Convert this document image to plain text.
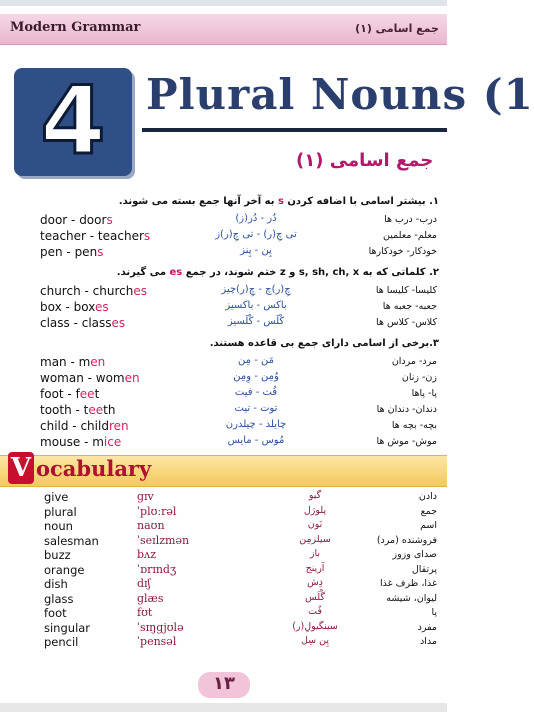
Modern Grammar	جمع اسامی (۱)
4 Plural Nouns (1
جمع اسامی (۱)
۱. بیشتر اسامی با اضافه کردن s به آخر آنها جمع بسته می شوند.
door - doors	دُر - دُر(ز)	درب- درب ها
teacher - teachers	تی چِ(ر) - تی چِ(ر)ز	معلم- معلمین
pen - pens	پِن - پِنز	خودکار- خودکارها
۲. کلماتی که به s, sh, ch, x و z ختم شوند، در جمع es می گیرند.
church - churches	چِ(ر)چ - چِ(ر)چیز	کلیسا- کلیسا ها
box - boxes	باکس - باکسیز	جعبه- جعبه ها
class - classes	کْلَس - کْلَسیز	کلاس- کلاس ها
۳.برخی از اسامی دارای جمع بی قاعده هستند.
man - men	مَن - مِن	مرد- مردان
woman - women	وُمِن - وِمِن	زن- زنان
foot - feet	فُت - فیت	پا- پاها
tooth - teeth	توت - تیت	دندان- دندان ها
child - children	چایلد - چیلدرن	بچه- بچه ها
mouse - mice	مُوس - مایس	موش- موش ها
V ocabulary
give	gɪv	گیو	دادن
plural	ˈplʊːrəl	پلورَل	جمع
noun	naʊn	نَون	اسم
salesman	ˈseɪlzmən	سیلزمِن	فروشنده (مرد)
buzz	bʌz	باز	صدای وزوز
orange	ˈɒrɪndʒ	آرینج	پرتقال
dish	dɪʃ	دِش	غذا، ظرف غذا
glass	glæs	گْلَس	لیوان، شیشه
foot	fʊt	فُت	پا
singular	ˈsɪŋgjʊlə	سینگیولِ(ر)	مفرد
pencil	ˈpensəl	پِن سِل	مداد
۱۳
